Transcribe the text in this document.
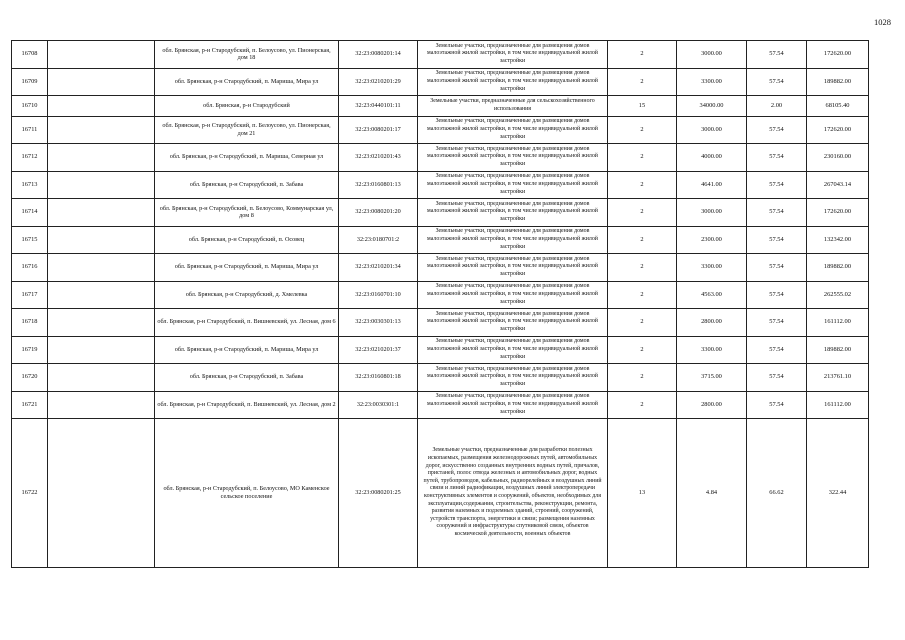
1028
16708		обл. Брянская, р-н Стародубский, п. Белоусово, ул. Пионерская, дом 18	32:23:0080201:14	Земельные участки, предназначенные для размещения домов малоэтажной жилой застройки, в том числе индивидуальной жилой застройки	2	3000.00	57.54	172620.00
16709		обл. Брянская, р-н Стародубский, п. Мариша, Мира ул	32:23:0210201:29	Земельные участки, предназначенные для размещения домов малоэтажной жилой застройки, в том числе индивидуальной жилой застройки	2	3300.00	57.54	189882.00
16710		обл. Брянская, р-н Стародубский	32:23:0440101:11	Земельные участки, предназначенные для сельскохозяйственного использования	15	34000.00	2.00	68105.40
16711		обл. Брянская, р-н Стародубский, п. Белоусово, ул. Пионерская, дом 21	32:23:0080201:17	Земельные участки, предназначенные для размещения домов малоэтажной жилой застройки, в том числе индивидуальной жилой застройки	2	3000.00	57.54	172620.00
16712		обл. Брянская, р-н Стародубский, п. Мариша, Северная ул	32:23:0210201:43	Земельные участки, предназначенные для размещения домов малоэтажной жилой застройки, в том числе индивидуальной жилой застройки	2	4000.00	57.54	230160.00
16713		обл. Брянская, р-н Стародубский, п. Забава	32:23:0160801:13	Земельные участки, предназначенные для размещения домов малоэтажной жилой застройки, в том числе индивидуальной жилой застройки	2	4641.00	57.54	267043.14
16714		обл. Брянская, р-н Стародубский, п. Белоусово, Коммунарская ул, дом 8	32:23:0080201:20	Земельные участки, предназначенные для размещения домов малоэтажной жилой застройки, в том числе индивидуальной жилой застройки	2	3000.00	57.54	172620.00
16715		обл. Брянская, р-н Стародубский, п. Осовец	32:23:0180701:2	Земельные участки, предназначенные для размещения домов малоэтажной жилой застройки, в том числе индивидуальной жилой застройки	2	2300.00	57.54	132342.00
16716		обл. Брянская, р-н Стародубский, п. Мариша, Мира ул	32:23:0210201:34	Земельные участки, предназначенные для размещения домов малоэтажной жилой застройки, в том числе индивидуальной жилой застройки	2	3300.00	57.54	189882.00
16717		обл. Брянская, р-н Стародубский, д. Хмелевка	32:23:0160701:10	Земельные участки, предназначенные для размещения домов малоэтажной жилой застройки, в том числе индивидуальной жилой застройки	2	4563.00	57.54	262555.02
16718		обл. Брянская, р-н Стародубский, п. Вишневский, ул. Лесная, дом 6	32:23:0030301:13	Земельные участки, предназначенные для размещения домов малоэтажной жилой застройки, в том числе индивидуальной жилой застройки	2	2800.00	57.54	161112.00
16719		обл. Брянская, р-н Стародубский, п. Мариша, Мира ул	32:23:0210201:37	Земельные участки, предназначенные для размещения домов малоэтажной жилой застройки, в том числе индивидуальной жилой застройки	2	3300.00	57.54	189882.00
16720		обл. Брянская, р-н Стародубский, п. Забава	32:23:0160801:18	Земельные участки, предназначенные для размещения домов малоэтажной жилой застройки, в том числе индивидуальной жилой застройки	2	3715.00	57.54	213761.10
16721		обл. Брянская, р-н Стародубский, п. Вишневский, ул. Лесная, дом 2	32:23:0030301:1	Земельные участки, предназначенные для размещения домов малоэтажной жилой застройки, в том числе индивидуальной жилой застройки	2	2800.00	57.54	161112.00
16722		обл. Брянская, р-н Стародубский, п. Белоусово, МО Каменское сельское поселение	32:23:0080201:25	Земельные участки, предназначенные для разработки полезных ископаемых, размещения железнодорожных путей, автомобильных дорог, искусственно созданных внутренних водных путей, причалов, пристаней, полос отвода железных и автомобильных дорог, водных путей, трубопроводов, кабельных, радиорелейных и воздушных линий связи и линий радиофикации, воздушных линий электропередачи конструктивных элементов и сооружений, объектов, необходимых для эксплуатации,содержания, строительства, реконструкции, ремонта, развития наземных и подземных зданий, строений, сооружений, устройств транспорта, энергетики и связи; размещения наземных сооружений и инфраструктуры спутниковой связи, объектов космической деятельности, военных объектов	13	4.84	66.62	322.44
